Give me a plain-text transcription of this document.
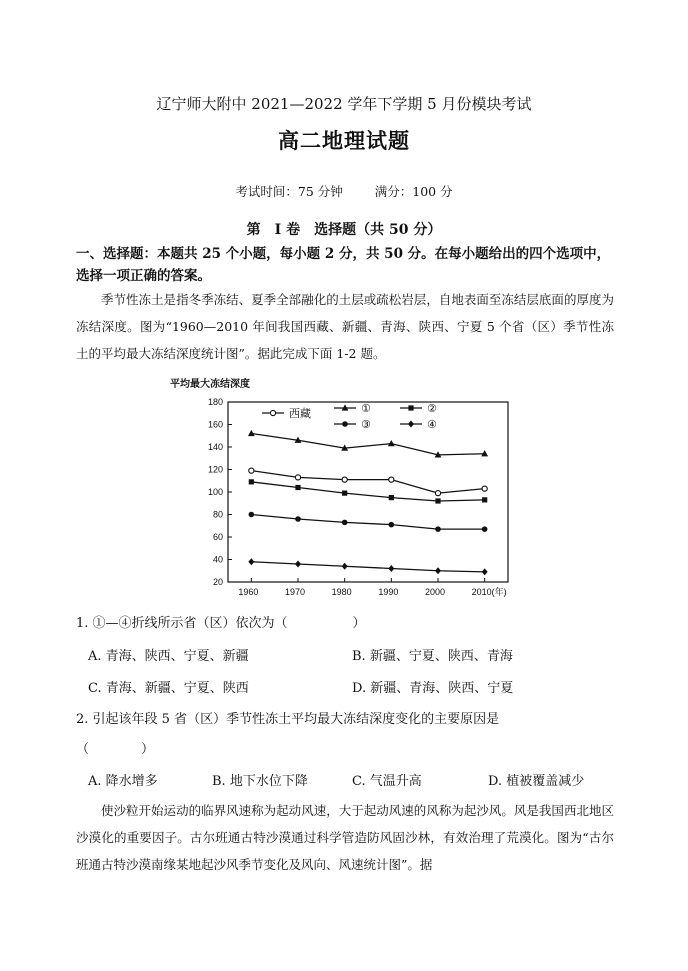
辽宁师大附中 2021—2022 学年下学期 5 月份模块考试
高二地理试题
考试时间：75 分钟	满分：100 分
第　Ⅰ 卷　选择题（共 50 分）
一、选择题：本题共 25 个小题，每小题 2 分，共 50 分。在每小题给出的四个选项中，选择一项正确的答案。
季节性冻土是指冬季冻结、夏季全部融化的土层或疏松岩层，自地表面至冻结层底面的厚度为冻结深度。图为“1960—2010 年间我国西藏、新疆、青海、陕西、宁夏 5 个省（区）季节性冻土的平均最大冻结深度统计图”。据此完成下面 1-2 题。
平均最大冻结深度
20
40
60
80
100
120
140
160
180
1960	1970	1980	1990	2000	2010(年)
西藏	①	②
③	④
1. ①—④折线所示省（区）依次为（　　　　　）
A. 青海、陕西、宁夏、新疆	B. 新疆、宁夏、陕西、青海
C. 青海、新疆、宁夏、陕西	D. 新疆、青海、陕西、宁夏
2. 引起该年段 5 省（区）季节性冻土平均最大冻结深度变化的主要原因是
（　　　　）
A. 降水增多	B. 地下水位下降	C. 气温升高	D. 植被覆盖减少
使沙粒开始运动的临界风速称为起动风速，大于起动风速的风称为起沙风。风是我国西北地区沙漠化的重要因子。古尔班通古特沙漠通过科学管造防风固沙林，有效治理了荒漠化。图为“古尔班通古特沙漠南缘某地起沙风季节变化及风向、风速统计图”。据
